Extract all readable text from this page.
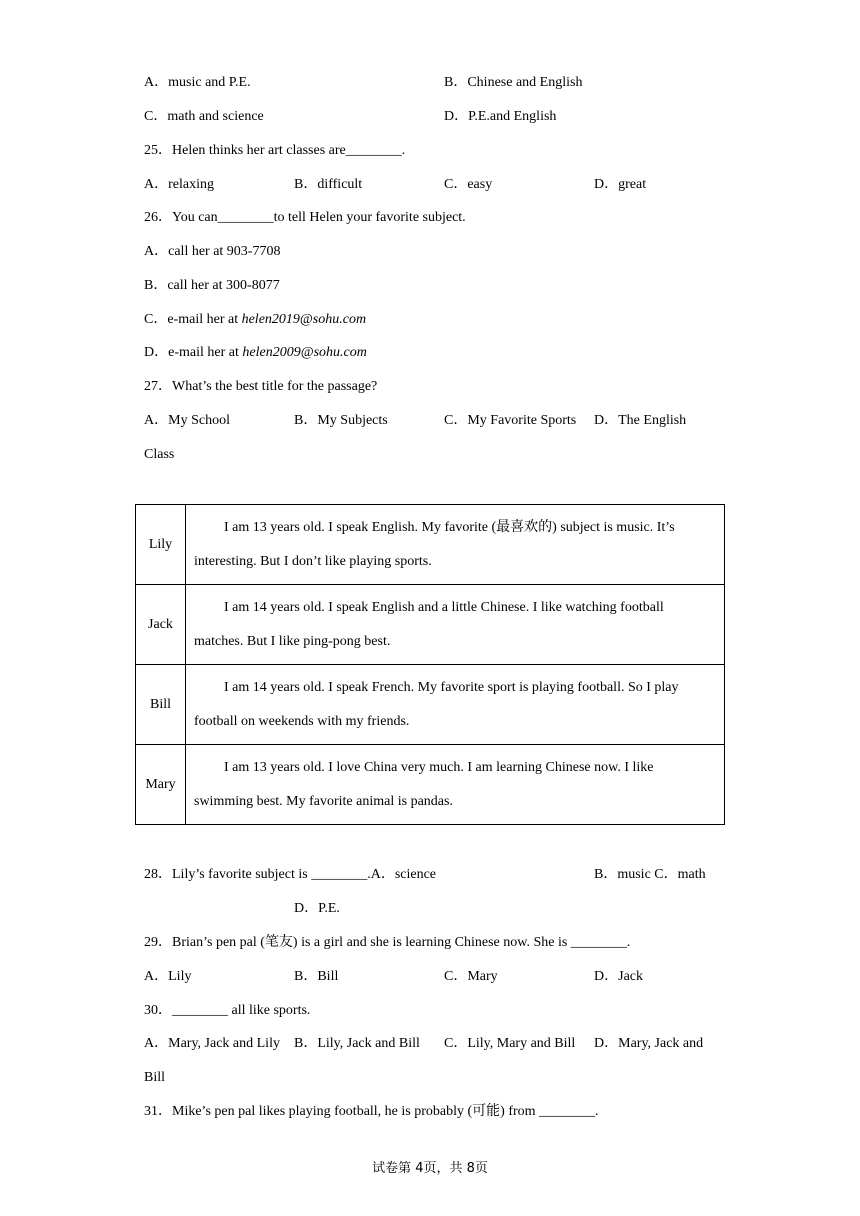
A．music and P.E.	B．Chinese and English
C．math and science	D．P.E.and English
25．Helen thinks her art classes are________.
A．relaxing	B．difficult	C．easy	D．great
26．You can________to tell Helen your favorite subject.
A．call her at 903‑7708
B．call her at 300‑8077
C．e‑mail her at helen2019@sohu.com
D．e‑mail her at helen2009@sohu.com
27．What’s the best title for the passage?
A．My School	B．My Subjects	C．My Favorite Sports D．The English
Class
Lily	I am 13 years old. I speak English. My favorite (最喜欢的) subject is music. It’s interesting. But I don’t like playing sports.
Jack	I am 14 years old. I speak English and a little Chinese. I like watching football matches. But I like ping-pong best.
Bill	I am 14 years old. I speak French. My favorite sport is playing football. So I play football on weekends with my friends.
Mary	I am 13 years old. I love China very much. I am learning Chinese now. I like swimming best. My favorite animal is pandas.
28．Lily’s favorite subject is ________.A．science	B．music C．math
D．P.E.
29．Brian’s pen pal (笔友) is a girl and she is learning Chinese now. She is ________.
A．Lily	B．Bill	C．Mary	D．Jack
30．________ all like sports.
A．Mary, Jack and Lily B．Lily, Jack and Bill C．Lily, Mary and Bill D．Mary, Jack and
Bill
31．Mike’s pen pal likes playing football, he is probably (可能) from ________.
试卷第 4页，共 8页
